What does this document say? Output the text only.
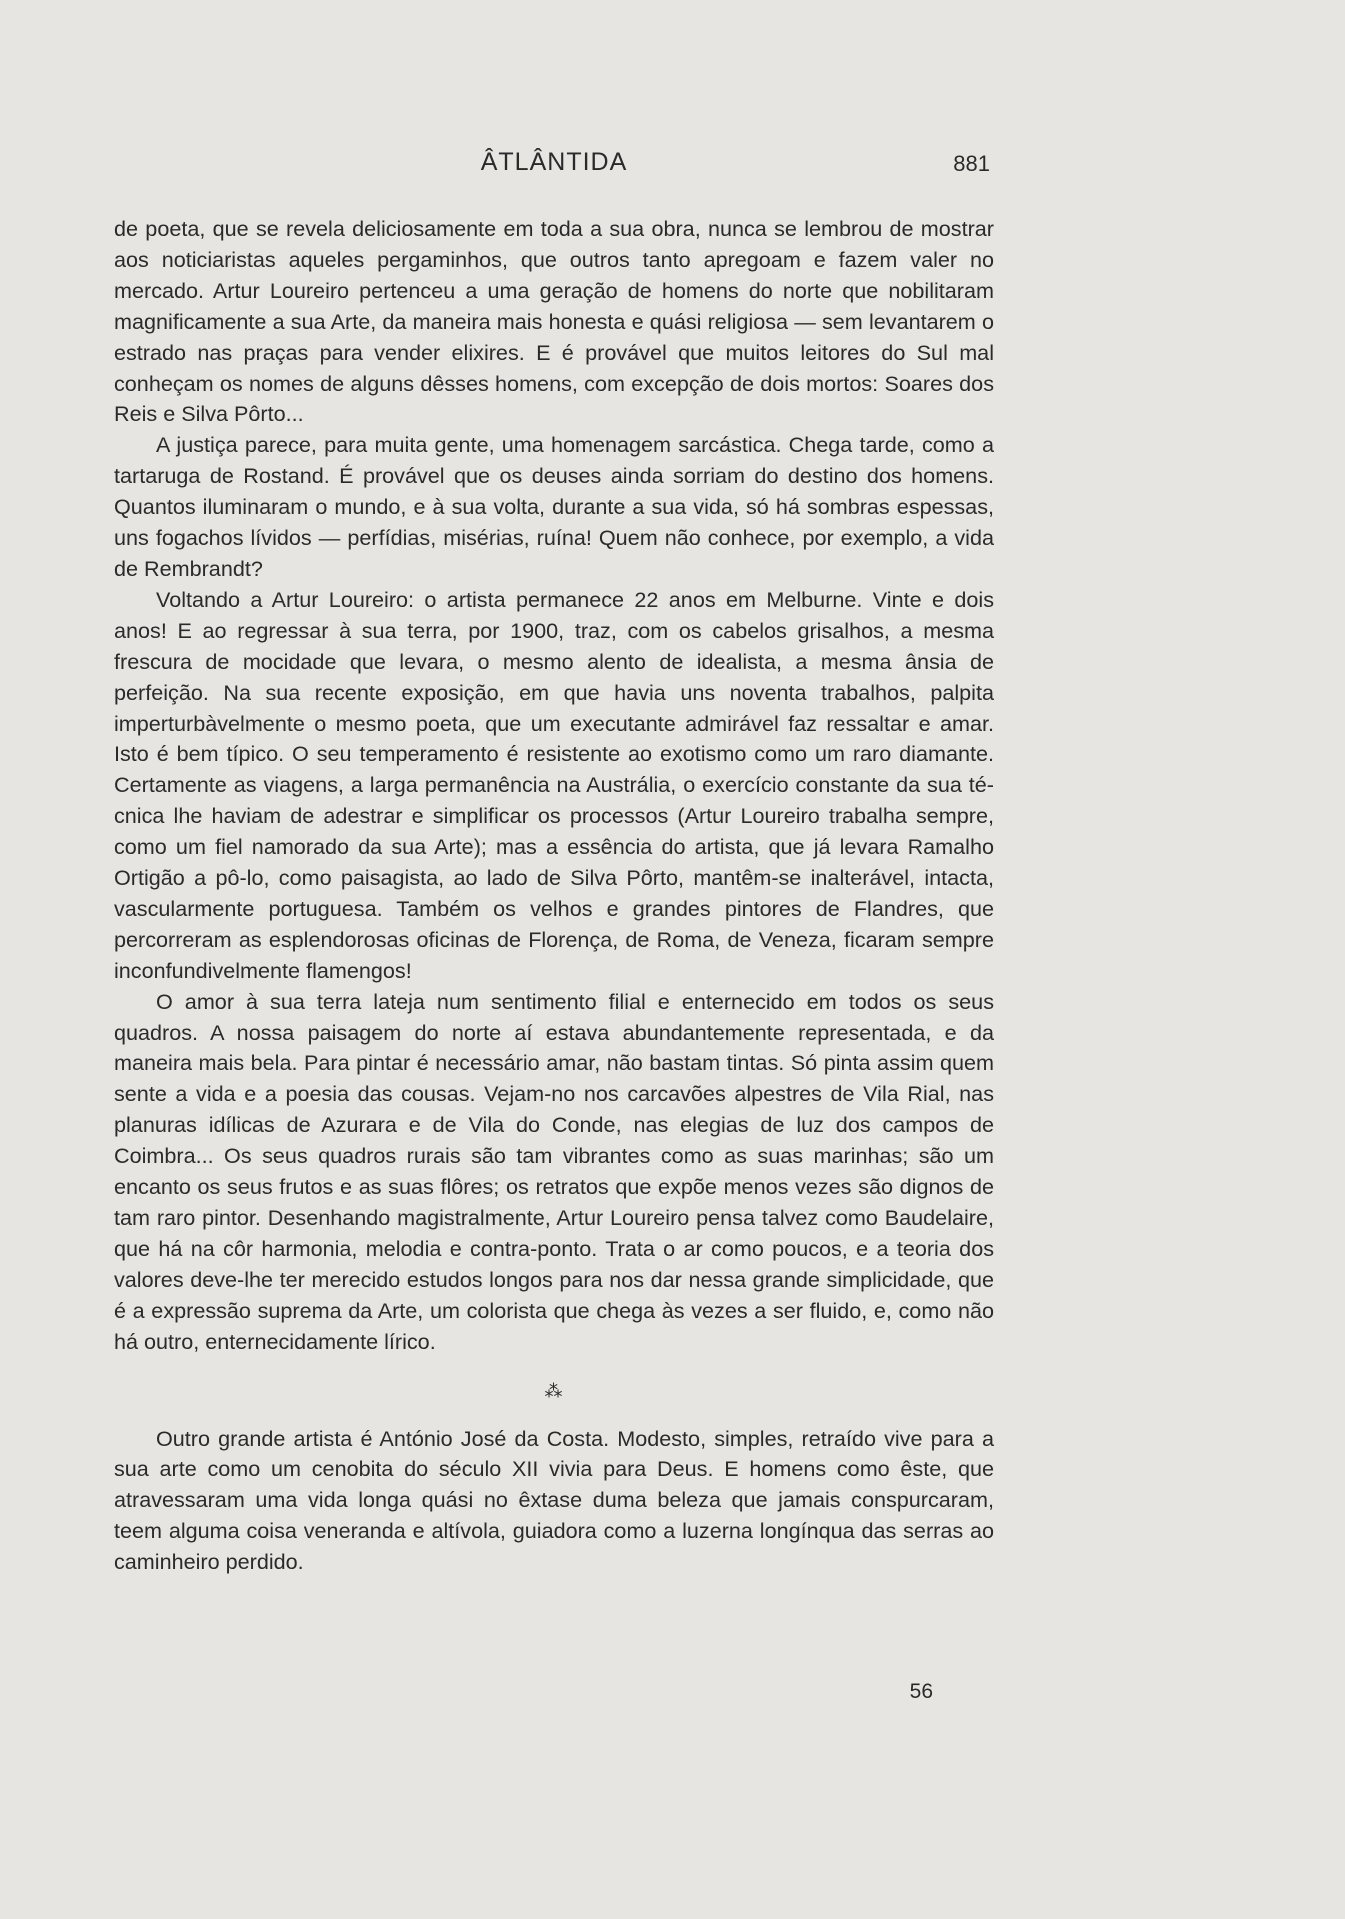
ÂTLÂNTIDA	881

de poeta, que se revela deliciosamente em toda a sua obra, nunca se lembrou de mostrar aos noticiaristas aqueles pergaminhos, que outros tanto apregoam e fazem valer no mercado. Artur Loureiro pertenceu a uma geração de homens do norte que nobilitaram magnificamente a sua Arte, da maneira mais honesta e quási religiosa — sem levantarem o estrado nas praças para vender elixires. E é provável que muitos leitores do Sul mal conheçam os nomes de alguns dêsses homens, com excepção de dois mortos: Soares dos Reis e Silva Pôrto...

A justiça parece, para muita gente, uma homenagem sarcástica. Chega tarde, como a tartaruga de Rostand. É provável que os deuses ainda sorriam do destino dos homens. Quantos iluminaram o mundo, e à sua volta, durante a sua vida, só há sombras espessas, uns fogachos lívidos — perfídias, misérias, ruína! Quem não conhece, por exemplo, a vida de Rembrandt?

Voltando a Artur Loureiro: o artista permanece 22 anos em Melburne. Vinte e dois anos! E ao regressar à sua terra, por 1900, traz, com os cabelos grisalhos, a mesma frescura de mocidade que levara, o mesmo alento de idealista, a mesma ânsia de perfeição. Na sua recente exposição, em que havia uns noventa trabalhos, palpita imperturbàvelmente o mesmo poeta, que um executante admirável faz ressaltar e amar. Isto é bem típico. O seu temperamento é resistente ao exotismo como um raro diamante. Certamente as viagens, a larga permanência na Austrália, o exercício constante da sua técnica lhe haviam de adestrar e simplificar os processos (Artur Loureiro trabalha sempre, como um fiel namorado da sua Arte); mas a essência do artista, que já levara Ramalho Ortigão a pô-lo, como paisagista, ao lado de Silva Pôrto, mantêm-se inalterável, intacta, vascularmente portuguesa. Também os velhos e grandes pintores de Flandres, que percorreram as esplendorosas oficinas de Florença, de Roma, de Veneza, ficaram sempre inconfundivelmente flamengos!

O amor à sua terra lateja num sentimento filial e enternecido em todos os seus quadros. A nossa paisagem do norte aí estava abundantemente representada, e da maneira mais bela. Para pintar é necessário amar, não bastam tintas. Só pinta assim quem sente a vida e a poesia das cousas. Vejam-no nos carcavões alpestres de Vila Rial, nas planuras idílicas de Azurara e de Vila do Conde, nas elegias de luz dos campos de Coimbra... Os seus quadros rurais são tam vibrantes como as suas marinhas; são um encanto os seus frutos e as suas flôres; os retratos que expõe menos vezes são dignos de tam raro pintor. Desenhando magistralmente, Artur Loureiro pensa talvez como Baudelaire, que há na côr harmonia, melodia e contra-ponto. Trata o ar como poucos, e a teoria dos valores deve-lhe ter merecido estudos longos para nos dar nessa grande simplicidade, que é a expressão suprema da Arte, um colorista que chega às vezes a ser fluido, e, como não há outro, enternecidamente lírico.

⁂

Outro grande artista é António José da Costa. Modesto, simples, retraído vive para a sua arte como um cenobita do século XII vivia para Deus. E homens como êste, que atravessaram uma vida longa quási no êxtase duma beleza que jamais conspurcaram, teem alguma coisa veneranda e altívola, guiadora como a luzerna longínqua das serras ao caminheiro perdido.

56
